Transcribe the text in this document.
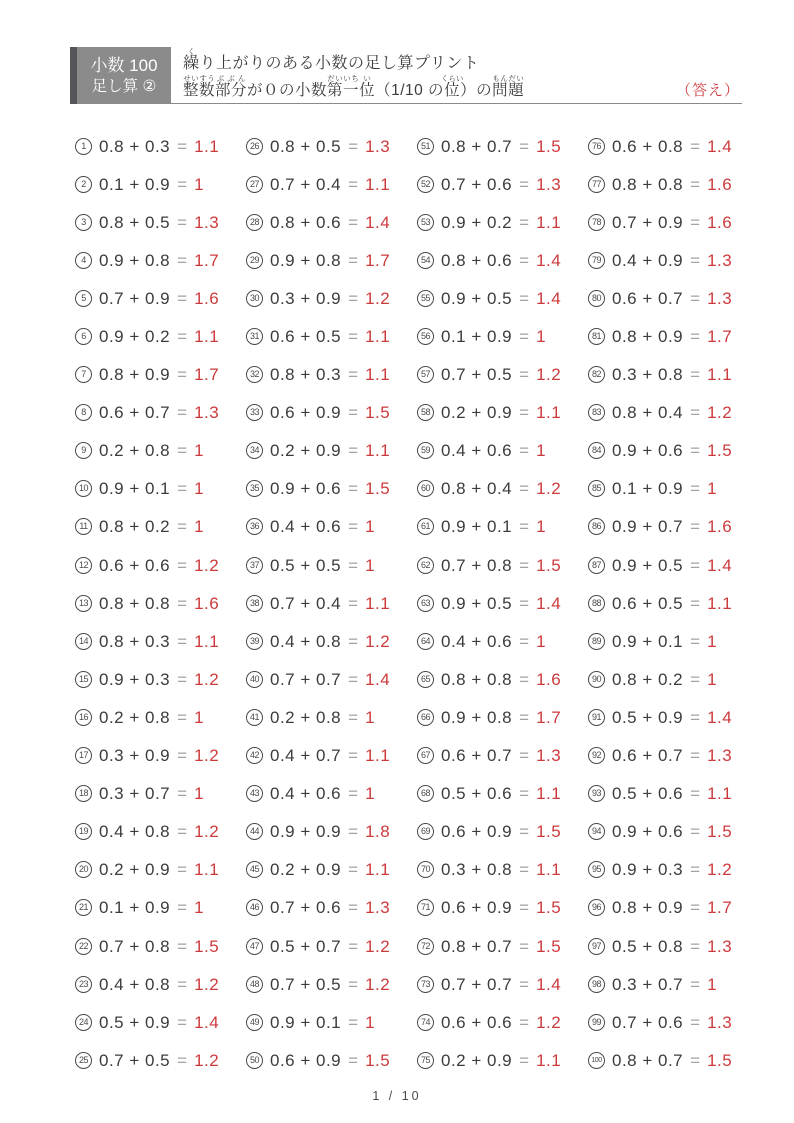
小数 100
足し算 ②
繰くり上がりのある小数の足し算プリント
整数せいすう部分ぶぶんが０の小数第一だいいち位い（1/10 の位くらい）の問題もんだい
（答え）
1 0.8 + 0.3 = 1.1
2 0.1 + 0.9 = 1
3 0.8 + 0.5 = 1.3
4 0.9 + 0.8 = 1.7
5 0.7 + 0.9 = 1.6
6 0.9 + 0.2 = 1.1
7 0.8 + 0.9 = 1.7
8 0.6 + 0.7 = 1.3
9 0.2 + 0.8 = 1
10 0.9 + 0.1 = 1
11 0.8 + 0.2 = 1
12 0.6 + 0.6 = 1.2
13 0.8 + 0.8 = 1.6
14 0.8 + 0.3 = 1.1
15 0.9 + 0.3 = 1.2
16 0.2 + 0.8 = 1
17 0.3 + 0.9 = 1.2
18 0.3 + 0.7 = 1
19 0.4 + 0.8 = 1.2
20 0.2 + 0.9 = 1.1
21 0.1 + 0.9 = 1
22 0.7 + 0.8 = 1.5
23 0.4 + 0.8 = 1.2
24 0.5 + 0.9 = 1.4
25 0.7 + 0.5 = 1.2
26 0.8 + 0.5 = 1.3
27 0.7 + 0.4 = 1.1
28 0.8 + 0.6 = 1.4
29 0.9 + 0.8 = 1.7
30 0.3 + 0.9 = 1.2
31 0.6 + 0.5 = 1.1
32 0.8 + 0.3 = 1.1
33 0.6 + 0.9 = 1.5
34 0.2 + 0.9 = 1.1
35 0.9 + 0.6 = 1.5
36 0.4 + 0.6 = 1
37 0.5 + 0.5 = 1
38 0.7 + 0.4 = 1.1
39 0.4 + 0.8 = 1.2
40 0.7 + 0.7 = 1.4
41 0.2 + 0.8 = 1
42 0.4 + 0.7 = 1.1
43 0.4 + 0.6 = 1
44 0.9 + 0.9 = 1.8
45 0.2 + 0.9 = 1.1
46 0.7 + 0.6 = 1.3
47 0.5 + 0.7 = 1.2
48 0.7 + 0.5 = 1.2
49 0.9 + 0.1 = 1
50 0.6 + 0.9 = 1.5
51 0.8 + 0.7 = 1.5
52 0.7 + 0.6 = 1.3
53 0.9 + 0.2 = 1.1
54 0.8 + 0.6 = 1.4
55 0.9 + 0.5 = 1.4
56 0.1 + 0.9 = 1
57 0.7 + 0.5 = 1.2
58 0.2 + 0.9 = 1.1
59 0.4 + 0.6 = 1
60 0.8 + 0.4 = 1.2
61 0.9 + 0.1 = 1
62 0.7 + 0.8 = 1.5
63 0.9 + 0.5 = 1.4
64 0.4 + 0.6 = 1
65 0.8 + 0.8 = 1.6
66 0.9 + 0.8 = 1.7
67 0.6 + 0.7 = 1.3
68 0.5 + 0.6 = 1.1
69 0.6 + 0.9 = 1.5
70 0.3 + 0.8 = 1.1
71 0.6 + 0.9 = 1.5
72 0.8 + 0.7 = 1.5
73 0.7 + 0.7 = 1.4
74 0.6 + 0.6 = 1.2
75 0.2 + 0.9 = 1.1
76 0.6 + 0.8 = 1.4
77 0.8 + 0.8 = 1.6
78 0.7 + 0.9 = 1.6
79 0.4 + 0.9 = 1.3
80 0.6 + 0.7 = 1.3
81 0.8 + 0.9 = 1.7
82 0.3 + 0.8 = 1.1
83 0.8 + 0.4 = 1.2
84 0.9 + 0.6 = 1.5
85 0.1 + 0.9 = 1
86 0.9 + 0.7 = 1.6
87 0.9 + 0.5 = 1.4
88 0.6 + 0.5 = 1.1
89 0.9 + 0.1 = 1
90 0.8 + 0.2 = 1
91 0.5 + 0.9 = 1.4
92 0.6 + 0.7 = 1.3
93 0.5 + 0.6 = 1.1
94 0.9 + 0.6 = 1.5
95 0.9 + 0.3 = 1.2
96 0.8 + 0.9 = 1.7
97 0.5 + 0.8 = 1.3
98 0.3 + 0.7 = 1
99 0.7 + 0.6 = 1.3
100 0.8 + 0.7 = 1.5
1 / 10
